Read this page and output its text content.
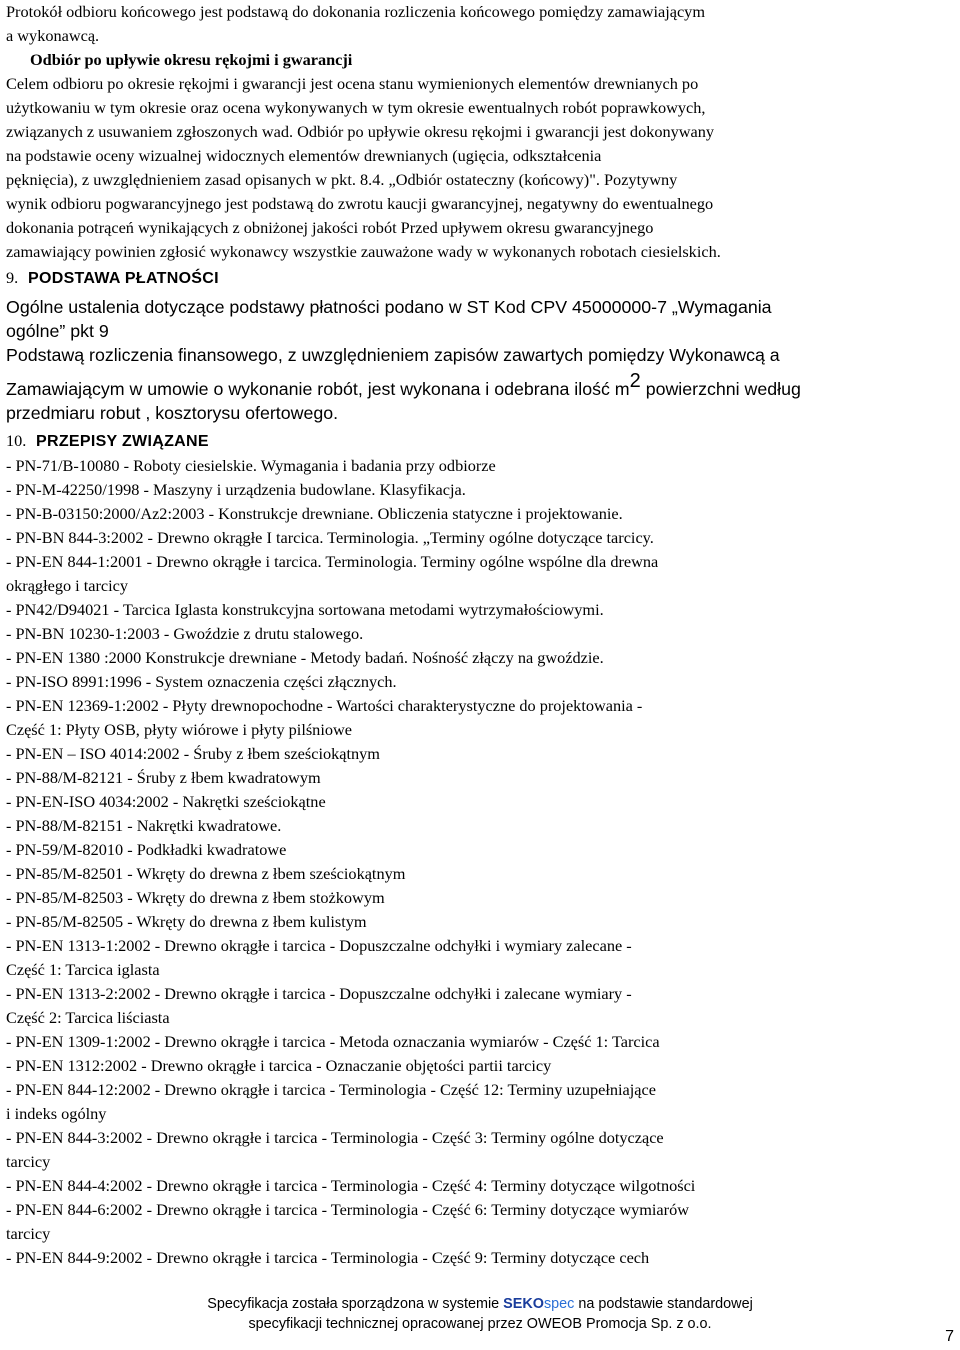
Protokół odbioru końcowego jest podstawą do dokonania rozliczenia końcowego pomiędzy zamawiającym
a wykonawcą.
Odbiór po upływie okresu rękojmi i gwarancji
Celem odbioru po okresie rękojmi i gwarancji jest ocena stanu wymienionych elementów drewnianych po
użytkowaniu w tym okresie oraz ocena wykonywanych w tym okresie ewentualnych robót poprawkowych,
związanych z usuwaniem zgłoszonych wad. Odbiór po upływie okresu rękojmi i gwarancji jest dokonywany
na podstawie oceny wizualnej widocznych elementów drewnianych (ugięcia, odkształcenia
pęknięcia), z uwzględnieniem zasad opisanych w pkt. 8.4. „Odbiór ostateczny (końcowy)". Pozytywny
wynik odbioru pogwarancyjnego jest podstawą do zwrotu kaucji gwarancyjnej, negatywny do ewentualnego
dokonania potrąceń wynikających z obniżonej jakości robót Przed upływem okresu gwarancyjnego
zamawiający powinien zgłosić wykonawcy wszystkie zauważone wady w wykonanych robotach ciesielskich.
9. PODSTAWA PŁATNOŚCI
Ogólne ustalenia dotyczące podstawy płatności podano w ST Kod CPV 45000000-7 „Wymagania
ogólne” pkt 9
Podstawą rozliczenia finansowego, z uwzględnieniem zapisów zawartych pomiędzy Wykonawcą a
Zamawiającym w umowie o wykonanie robót, jest wykonana i odebrana ilość m2 powierzchni według
przedmiaru robut , kosztorysu ofertowego.
10. PRZEPISY ZWIĄZANE
- PN-71/B-10080 - Roboty ciesielskie. Wymagania i badania przy odbiorze
- PN-M-42250/1998 - Maszyny i urządzenia budowlane. Klasyfikacja.
- PN-B-03150:2000/Az2:2003 - Konstrukcje drewniane. Obliczenia statyczne i projektowanie.
- PN-BN 844-3:2002 - Drewno okrągłe I tarcica. Terminologia. „Terminy ogólne dotyczące tarcicy.
- PN-EN 844-1:2001 - Drewno okrągłe i tarcica. Terminologia. Terminy ogólne wspólne dla drewna
okrągłego i tarcicy
- PN42/D94021 - Tarcica Iglasta konstrukcyjna sortowana metodami wytrzymałościowymi.
- PN-BN 10230-1:2003 - Gwoździe z drutu stalowego.
- PN-EN 1380 :2000 Konstrukcje drewniane - Metody badań. Nośność złączy na gwoździe.
- PN-ISO 8991:1996 - System oznaczenia części złącznych.
- PN-EN 12369-1:2002 - Płyty drewnopochodne - Wartości charakterystyczne do projektowania -
Część 1: Płyty OSB, płyty wiórowe i płyty pilśniowe
- PN-EN – ISO 4014:2002 - Śruby z łbem sześciokątnym
- PN-88/M-82121 - Śruby z łbem kwadratowym
- PN-EN-ISO 4034:2002 - Nakrętki sześciokątne
- PN-88/M-82151 - Nakrętki kwadratowe.
- PN-59/M-82010 - Podkładki kwadratowe
- PN-85/M-82501 - Wkręty do drewna z łbem sześciokątnym
- PN-85/M-82503 - Wkręty do drewna z łbem stożkowym
- PN-85/M-82505 - Wkręty do drewna z łbem kulistym
- PN-EN 1313-1:2002 - Drewno okrągłe i tarcica - Dopuszczalne odchyłki i wymiary zalecane -
Część 1: Tarcica iglasta
- PN-EN 1313-2:2002 - Drewno okrągłe i tarcica - Dopuszczalne odchyłki i zalecane wymiary -
Część 2: Tarcica liściasta
- PN-EN 1309-1:2002 - Drewno okrągłe i tarcica - Metoda oznaczania wymiarów - Część 1: Tarcica
- PN-EN 1312:2002 - Drewno okrągłe i tarcica - Oznaczanie objętości partii tarcicy
- PN-EN 844-12:2002 - Drewno okrągłe i tarcica - Terminologia - Część 12: Terminy uzupełniające
i indeks ogólny
- PN-EN 844-3:2002 - Drewno okrągłe i tarcica - Terminologia - Część 3: Terminy ogólne dotyczące
tarcicy
- PN-EN 844-4:2002 - Drewno okrągłe i tarcica - Terminologia - Część 4: Terminy dotyczące wilgotności
- PN-EN 844-6:2002 - Drewno okrągłe i tarcica - Terminologia - Część 6: Terminy dotyczące wymiarów
tarcicy
- PN-EN 844-9:2002 - Drewno okrągłe i tarcica - Terminologia - Część 9: Terminy dotyczące cech
Specyfikacja została sporządzona w systemie SEKOspec na podstawie standardowej
specyfikacji technicznej opracowanej przez OWEOB Promocja Sp. z o.o.
7
